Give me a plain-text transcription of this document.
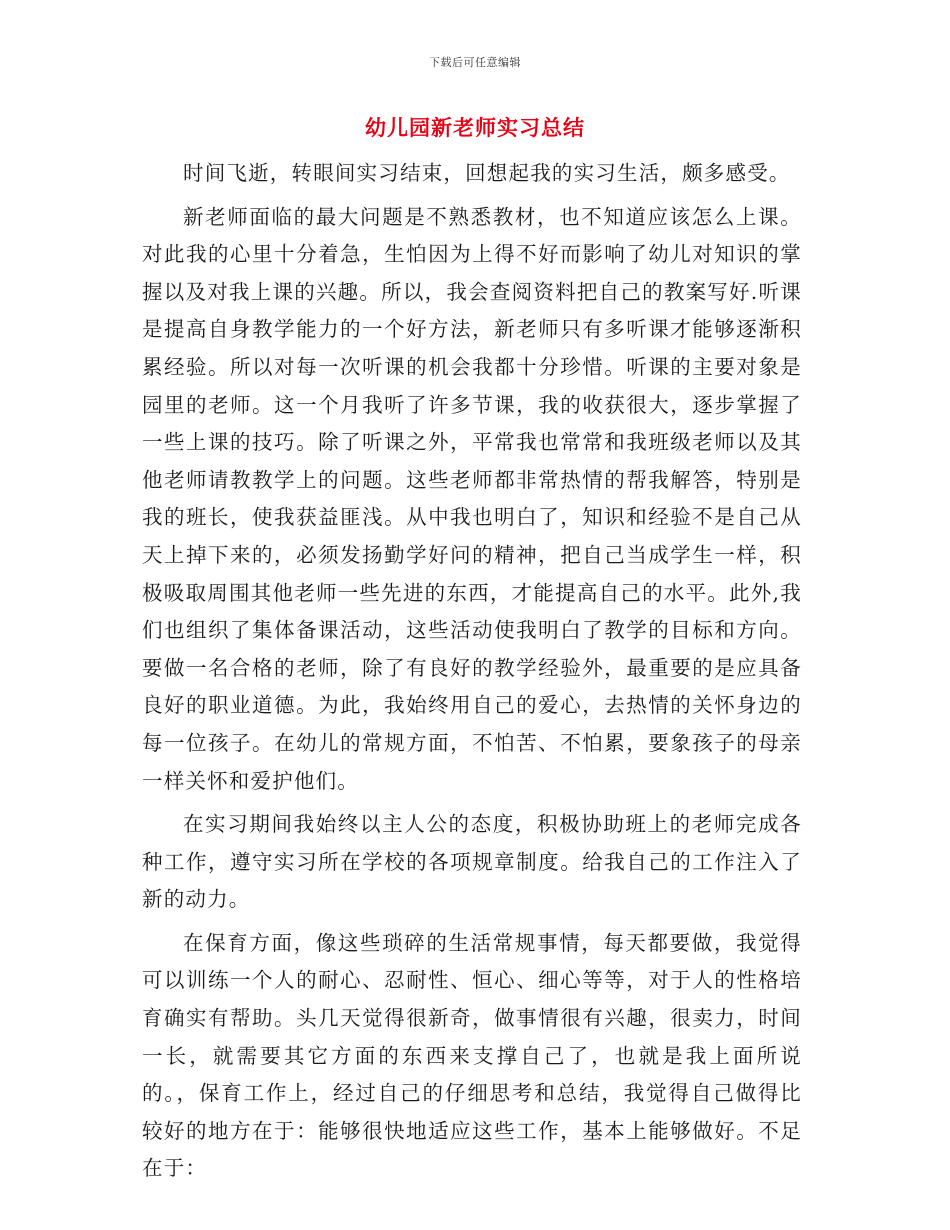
下载后可任意编辑
幼儿园新老师实习总结

时间飞逝，转眼间实习结束，回想起我的实习生活，颇多感受。

新老师面临的最大问题是不熟悉教材，也不知道应该怎么上课。对此我的心里十分着急，生怕因为上得不好而影响了幼儿对知识的掌握以及对我上课的兴趣。所以，我会查阅资料把自己的教案写好.听课是提高自身教学能力的一个好方法，新老师只有多听课才能够逐渐积累经验。所以对每一次听课的机会我都十分珍惜。听课的主要对象是园里的老师。这一个月我听了许多节课，我的收获很大，逐步掌握了一些上课的技巧。除了听课之外，平常我也常常和我班级老师以及其他老师请教教学上的问题。这些老师都非常热情的帮我解答，特别是我的班长，使我获益匪浅。从中我也明白了，知识和经验不是自己从天上掉下来的，必须发扬勤学好问的精神，把自己当成学生一样，积极吸取周围其他老师一些先进的东西，才能提高自己的水平。此外,我们也组织了集体备课活动，这些活动使我明白了教学的目标和方向。要做一名合格的老师，除了有良好的教学经验外，最重要的是应具备良好的职业道德。为此，我始终用自己的爱心，去热情的关怀身边的每一位孩子。在幼儿的常规方面，不怕苦、不怕累，要象孩子的母亲一样关怀和爱护他们。

在实习期间我始终以主人公的态度，积极协助班上的老师完成各种工作，遵守实习所在学校的各项规章制度。给我自己的工作注入了新的动力。

在保育方面，像这些琐碎的生活常规事情，每天都要做，我觉得可以训练一个人的耐心、忍耐性、恒心、细心等等，对于人的性格培育确实有帮助。头几天觉得很新奇，做事情很有兴趣，很卖力，时间一长，就需要其它方面的东西来支撑自己了，也就是我上面所说的。，保育工作上，经过自己的仔细思考和总结，我觉得自己做得比较好的地方在于：能够很快地适应这些工作，基本上能够做好。不足在于：
